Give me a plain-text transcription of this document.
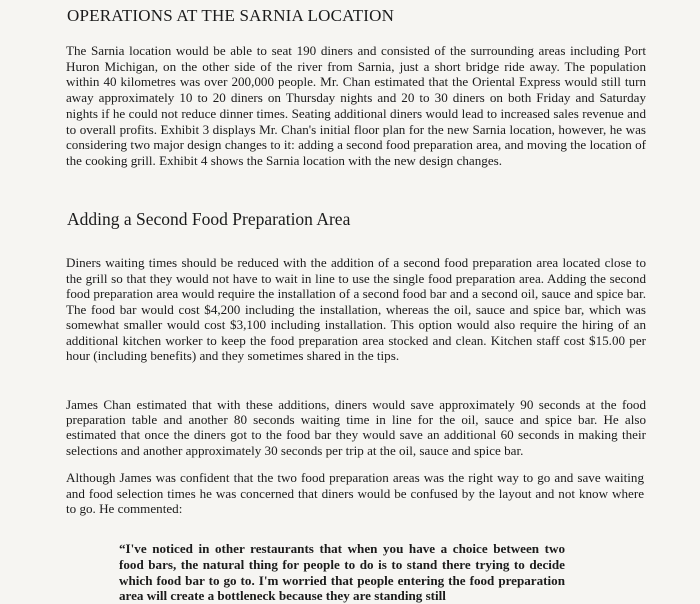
OPERATIONS AT THE SARNIA LOCATION

The Sarnia location would be able to seat 190 diners and consisted of the surrounding areas including Port Huron Michigan, on the other side of the river from Sarnia, just a short bridge ride away. The population within 40 kilometres was over 200,000 people. Mr. Chan estimated that the Oriental Express would still turn away approximately 10 to 20 diners on Thursday nights and 20 to 30 diners on both Friday and Saturday nights if he could not reduce dinner times. Seating additional diners would lead to increased sales revenue and to overall profits. Exhibit 3 displays Mr. Chan's initial floor plan for the new Sarnia location, however, he was considering two major design changes to it: adding a second food preparation area, and moving the location of the cooking grill. Exhibit 4 shows the Sarnia location with the new design changes.

Adding a Second Food Preparation Area

Diners waiting times should be reduced with the addition of a second food preparation area located close to the grill so that they would not have to wait in line to use the single food preparation area. Adding the second food preparation area would require the installation of a second food bar and a second oil, sauce and spice bar. The food bar would cost $4,200 including the installation, whereas the oil, sauce and spice bar, which was somewhat smaller would cost $3,100 including installation. This option would also require the hiring of an additional kitchen worker to keep the food preparation area stocked and clean. Kitchen staff cost $15.00 per hour (including benefits) and they sometimes shared in the tips.

James Chan estimated that with these additions, diners would save approximately 90 seconds at the food preparation table and another 80 seconds waiting time in line for the oil, sauce and spice bar. He also estimated that once the diners got to the food bar they would save an additional 60 seconds in making their selections and another approximately 30 seconds per trip at the oil, sauce and spice bar.

Although James was confident that the two food preparation areas was the right way to go and save waiting and food selection times he was concerned that diners would be confused by the layout and not know where to go. He commented:

“I've noticed in other restaurants that when you have a choice between two food bars, the natural thing for people to do is to stand there trying to decide which food bar to go to. I'm worried that people entering the food preparation area will create a bottleneck because they are standing still
